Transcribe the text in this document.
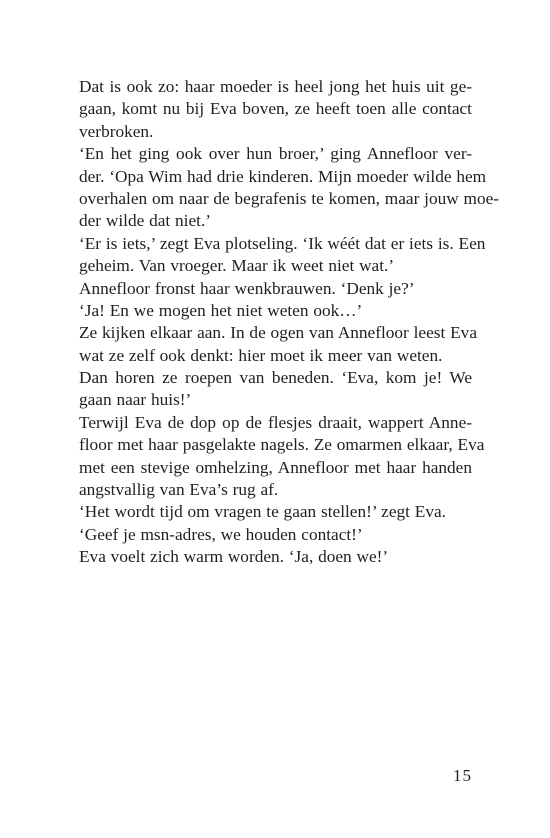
Dat is ook zo: haar moeder is heel jong het huis uit ge-
gaan, komt nu bij Eva boven, ze heeft toen alle contact
verbroken.
‘En het ging ook over hun broer,’ ging Annefloor ver-
der. ‘Opa Wim had drie kinderen. Mijn moeder wilde hem
overhalen om naar de begrafenis te komen, maar jouw moe-
der wilde dat niet.’
‘Er is iets,’ zegt Eva plotseling. ‘Ik wéét dat er iets is. Een
geheim. Van vroeger. Maar ik weet niet wat.’
Annefloor fronst haar wenkbrauwen. ‘Denk je?’
‘Ja! En we mogen het niet weten ook…’
Ze kijken elkaar aan. In de ogen van Annefloor leest Eva
wat ze zelf ook denkt: hier moet ik meer van weten.
Dan horen ze roepen van beneden. ‘Eva, kom je! We
gaan naar huis!’
Terwijl Eva de dop op de flesjes draait, wappert Anne-
floor met haar pasgelakte nagels. Ze omarmen elkaar, Eva
met een stevige omhelzing, Annefloor met haar handen
angstvallig van Eva’s rug af.
‘Het wordt tijd om vragen te gaan stellen!’ zegt Eva.
‘Geef je msn-adres, we houden contact!’
Eva voelt zich warm worden. ‘Ja, doen we!’
15
